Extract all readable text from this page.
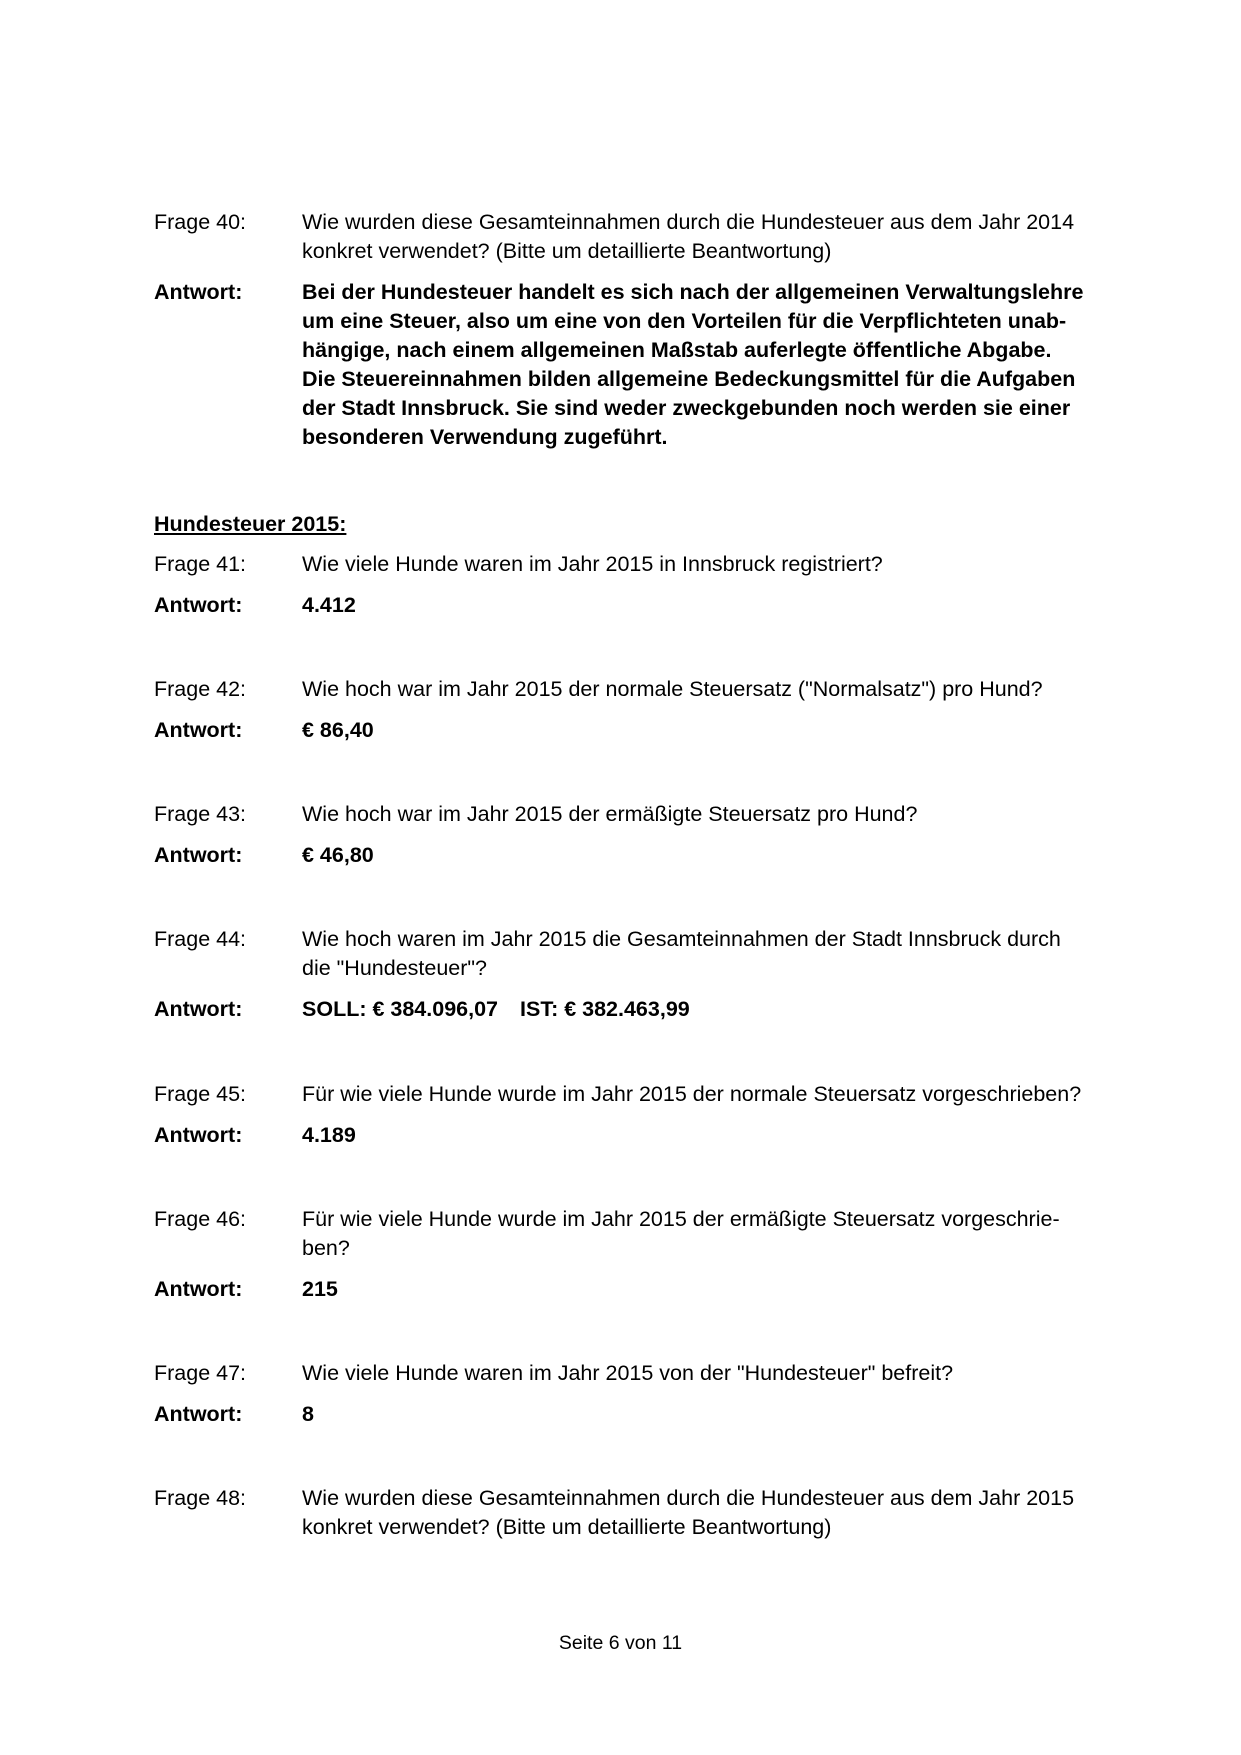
Frage 40:	Wie wurden diese Gesamteinnahmen durch die Hundesteuer aus dem Jahr 2014 konkret verwendet? (Bitte um detaillierte Beantwortung)
Antwort:	Bei der Hundesteuer handelt es sich nach der allgemeinen Verwaltungslehre
um eine Steuer, also um eine von den Vorteilen für die Verpflichteten unab-
hängige, nach einem allgemeinen Maßstab auferlegte öffentliche Abgabe.
Die Steuereinnahmen bilden allgemeine Bedeckungsmittel für die Aufgaben
der Stadt Innsbruck. Sie sind weder zweckgebunden noch werden sie einer
besonderen Verwendung zugeführt.
Hundesteuer 2015:
Frage 41:	Wie viele Hunde waren im Jahr 2015 in Innsbruck registriert?
Antwort:	4.412
Frage 42:	Wie hoch war im Jahr 2015 der normale Steuersatz ("Normalsatz") pro Hund?
Antwort:	€ 86,40
Frage 43:	Wie hoch war im Jahr 2015 der ermäßigte Steuersatz pro Hund?
Antwort:	€ 46,80
Frage 44:	Wie hoch waren im Jahr 2015 die Gesamteinnahmen der Stadt Innsbruck durch
die "Hundesteuer"?
Antwort:	SOLL: € 384.096,07 IST: € 382.463,99
Frage 45:	Für wie viele Hunde wurde im Jahr 2015 der normale Steuersatz vorgeschrieben?
Antwort:	4.189
Frage 46:	Für wie viele Hunde wurde im Jahr 2015 der ermäßigte Steuersatz vorgeschrie-
ben?
Antwort:	215
Frage 47:	Wie viele Hunde waren im Jahr 2015 von der "Hundesteuer" befreit?
Antwort:	8
Frage 48:	Wie wurden diese Gesamteinnahmen durch die Hundesteuer aus dem Jahr 2015
konkret verwendet? (Bitte um detaillierte Beantwortung)
Seite 6 von 11
